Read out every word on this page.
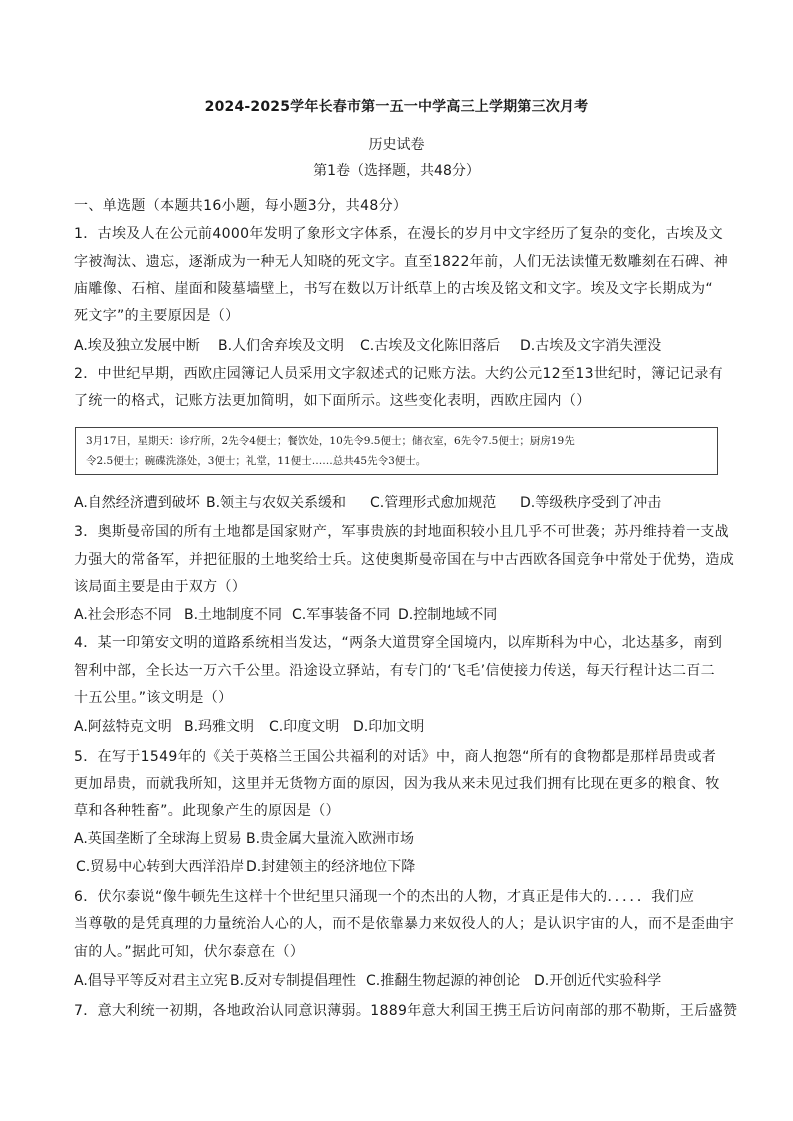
2024-2025学年长春市第一五一中学高三上学期第三次月考
历史试卷
第1卷（选择题，共48分）
一、单选题（本题共16小题，每小题3分，共48分）
1．古埃及人在公元前4000年发明了象形文字体系，在漫长的岁月中文字经历了复杂的变化，古埃及文
字被淘汰、遗忘，逐渐成为一种无人知晓的死文字。直至1822年前，人们无法读懂无数雕刻在石碑、神
庙雕像、石棺、崖面和陵墓墙壁上，书写在数以万计纸草上的古埃及铭文和文字。埃及文字长期成为“
死文字”的主要原因是（）
A.埃及独立发展中断 B.人们舍弃埃及文明 C.古埃及文化陈旧落后 D.古埃及文字消失湮没
2．中世纪早期，西欧庄园簿记人员采用文字叙述式的记账方法。大约公元12至13世纪时，簿记记录有
了统一的格式，记账方法更加简明，如下面所示。这些变化表明，西欧庄园内（）
3月17日，星期天：诊疗所，2先令4便士；餐饮处，10先令9.5便士；储衣室，6先令7.5便士；厨房19先
令2.5便士；碗碟洗涤处，3便士；礼堂，11便士……总共45先令3便士。
A.自然经济遭到破坏 B.领主与农奴关系缓和 C.管理形式愈加规范 D.等级秩序受到了冲击
3．奥斯曼帝国的所有土地都是国家财产，军事贵族的封地面积较小且几乎不可世袭；苏丹维持着一支战
力强大的常备军，并把征服的土地奖给士兵。这使奥斯曼帝国在与中古西欧各国竞争中常处于优势，造成
该局面主要是由于双方（）
A.社会形态不同 B.土地制度不同 C.军事装备不同 D.控制地域不同
4．某一印第安文明的道路系统相当发达，“两条大道贯穿全国境内，以库斯科为中心，北达基多，南到
智利中部，全长达一万六千公里。沿途设立驿站，有专门的‘飞毛’信使接力传送，每天行程计达二百二
十五公里。”该文明是（）
A.阿兹特克文明 B.玛雅文明 C.印度文明 D.印加文明
5．在写于1549年的《关于英格兰王国公共福利的对话》中，商人抱怨“所有的食物都是那样昂贵或者
更加昂贵，而就我所知，这里并无货物方面的原因，因为我从来未见过我们拥有比现在更多的粮食、牧
草和各种牲畜”。此现象产生的原因是（）
A.英国垄断了全球海上贸易 B.贵金属大量流入欧洲市场
C.贸易中心转到大西洋沿岸 D.封建领主的经济地位下降
6．伏尔泰说“像牛顿先生这样十个世纪里只涌现一个的杰出的人物，才真正是伟大的．．．．．我们应
当尊敬的是凭真理的力量统治人心的人，而不是依靠暴力来奴役人的人；是认识宇宙的人，而不是歪曲宇
宙的人。”据此可知，伏尔泰意在（）
A.倡导平等反对君主立宪 B.反对专制提倡理性 C.推翻生物起源的神创论 D.开创近代实验科学
7．意大利统一初期，各地政治认同意识薄弱。1889年意大利国王携王后访问南部的那不勒斯，王后盛赞
